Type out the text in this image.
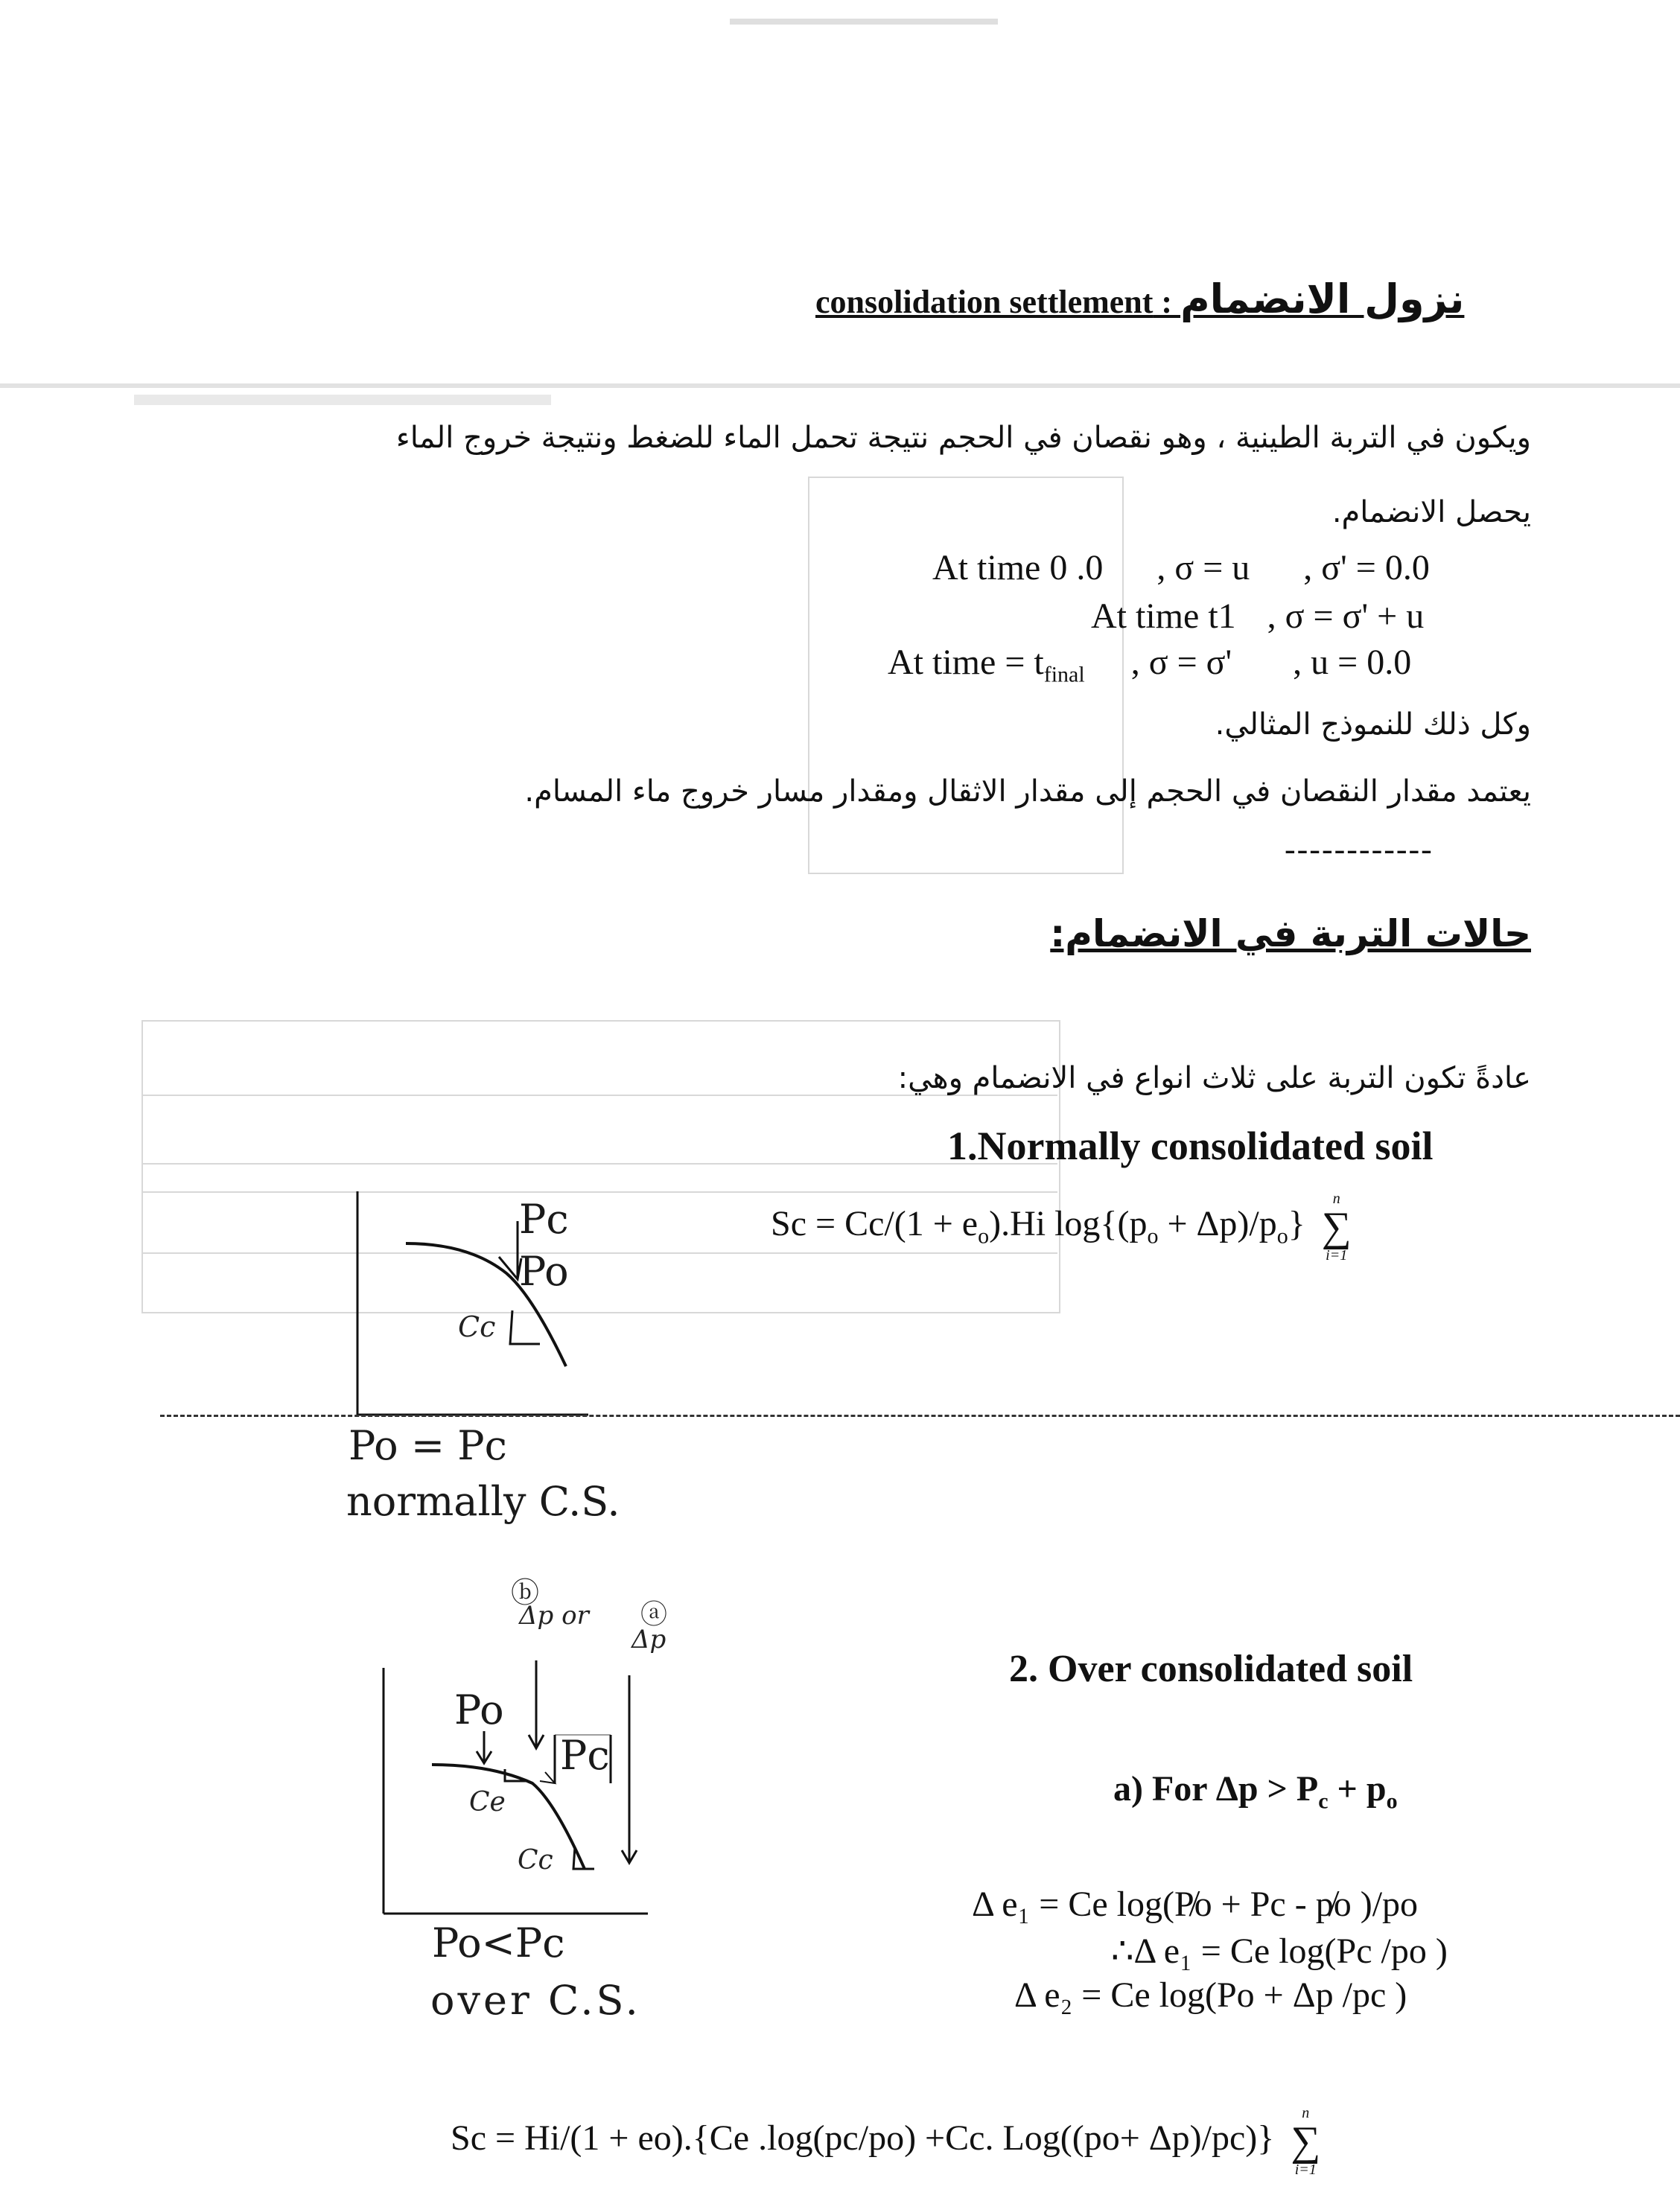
consolidation settlement : نزول الانضمام
ويكون في التربة الطينية ، وهو نقصان في الحجم نتيجة تحمل الماء للضغط ونتيجة خروج الماء
يحصل الانضمام.
At time 0 .0 , σ = u , σ' = 0.0
At time t1 , σ = σ' + u
At time = $t_{final}$ , σ = σ' , u = 0.0
وكل ذلك للنموذج المثالي.
يعتمد مقدار النقصان في الحجم إلى مقدار الاثقال ومقدار مسار خروج ماء المسام.
------------
حالات التربة في الانضمام:
عادةً تكون التربة على ثلاث انواع في الانضمام وهي:
1.Normally consolidated soil
$Sc = Cc/(1 + e_o).Hi$ $\log\{(p_o + \Delta p)/p_o\}$
n
∑
i=1
Pc
Po
Cc
Po = Pc
normally C.S.
2. Over consolidated soil
a) For $\Delta p > P_c + p_o$
Δ e₁ = Ce log(P̸o + Pc - p̸o )/po
∴Δ e₁ = Ce log(Pc /po )
Δ e₂ = Ce log(Po + Δp /pc )
Sc = Hi/(1 + eo).{Ce .log(pc/po) +Cc. Log((po+ Δp)/pc)}
n
∑
i=1
ⓑ
Δp or ⓐ
Δp
Po
Pc
Ce
Cc
Po<Pc
over C.S.
